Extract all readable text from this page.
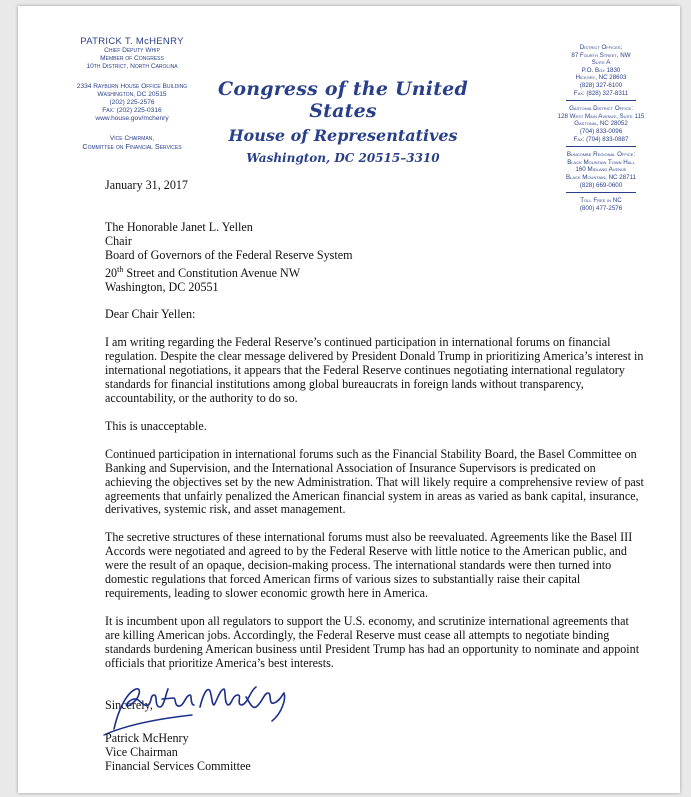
PATRICK T. McHENRY
Chief Deputy Whip
Member of Congress
10th District, North Carolina
2334 Rayburn House Office Building
Washington, DC 20515
(202) 225-2576
Fax: (202) 225-0316
www.house.gov/mchenry
Vice Chairman,
Committee on Financial Services
Congress of the United States
House of Representatives
Washington, DC 20515–3310
District Offices:
87 Fourth Street, NW
Suite A
P.O. Box 1830
Hickory, NC 28603
(828) 327-6100
Fax: (828) 327-8311
Gastonia District Office:
128 West Main Avenue, Suite 115
Gastonia, NC 28052
(704) 833-0096
Fax: (704) 833-0887
Buncombe Regional Office:
Black Mountain Town Hall
160 Midland Avenue
Black Mountain, NC 28711
(828) 669-0600
Toll Free in NC
(800) 477-2576

January 31, 2017

The Honorable Janet L. Yellen

Chair

Board of Governors of the Federal Reserve System

20th Street and Constitution Avenue NW

Washington, DC 20551

Dear Chair Yellen:

I am writing regarding the Federal Reserve’s continued participation in international forums on financial regulation. Despite the clear message delivered by President Donald Trump in prioritizing America’s interest in international negotiations, it appears that the Federal Reserve continues negotiating international regulatory standards for financial institutions among global bureaucrats in foreign lands without transparency, accountability, or the authority to do so.

This is unacceptable.

Continued participation in international forums such as the Financial Stability Board, the Basel Committee on Banking and Supervision, and the International Association of Insurance Supervisors is predicated on achieving the objectives set by the new Administration. That will likely require a comprehensive review of past agreements that unfairly penalized the American financial system in areas as varied as bank capital, insurance, derivatives, systemic risk, and asset management.

The secretive structures of these international forums must also be reevaluated. Agreements like the Basel III Accords were negotiated and agreed to by the Federal Reserve with little notice to the American public, and were the result of an opaque, decision-making process. The international standards were then turned into domestic regulations that forced American firms of various sizes to substantially raise their capital requirements, leading to slower economic growth here in America.

It is incumbent upon all regulators to support the U.S. economy, and scrutinize international agreements that are killing American jobs. Accordingly, the Federal Reserve must cease all attempts to negotiate binding standards burdening American business until President Trump has had an opportunity to nominate and appoint officials that prioritize America’s best interests.

Sincerely,

Patrick McHenry

Vice Chairman

Financial Services Committee
